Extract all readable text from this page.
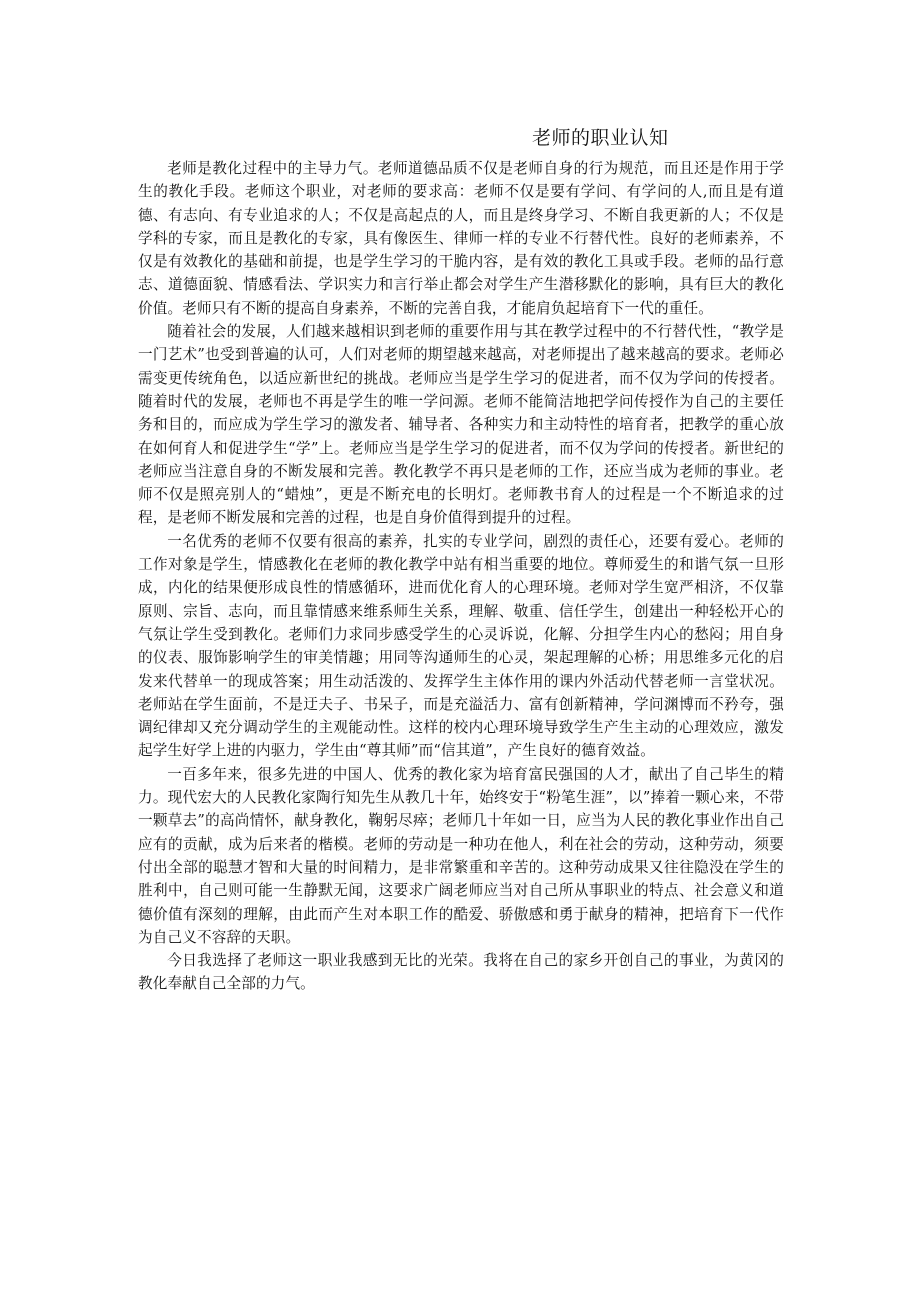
老师的职业认知

老师是教化过程中的主导力气。老师道德品质不仅是老师自身的行为规范，而且还是作用于学生的教化手段。老师这个职业，对老师的要求高：老师不仅是要有学问、有学问的人,而且是有道德、有志向、有专业追求的人；不仅是高起点的人，而且是终身学习、不断自我更新的人；不仅是学科的专家，而且是教化的专家，具有像医生、律师一样的专业不行替代性。良好的老师素养，不仅是有效教化的基础和前提，也是学生学习的干脆内容，是有效的教化工具或手段。老师的品行意志、道德面貌、情感看法、学识实力和言行举止都会对学生产生潜移默化的影响，具有巨大的教化价值。老师只有不断的提高自身素养，不断的完善自我，才能肩负起培育下一代的重任。

随着社会的发展，人们越来越相识到老师的重要作用与其在教学过程中的不行替代性，“教学是一门艺术”也受到普遍的认可，人们对老师的期望越来越高，对老师提出了越来越高的要求。老师必需变更传统角色，以适应新世纪的挑战。老师应当是学生学习的促进者，而不仅为学问的传授者。随着时代的发展，老师也不再是学生的唯一学问源。老师不能简洁地把学问传授作为自己的主要任务和目的，而应成为学生学习的激发者、辅导者、各种实力和主动特性的培育者，把教学的重心放在如何育人和促进学生“学”上。老师应当是学生学习的促进者，而不仅为学问的传授者。新世纪的老师应当注意自身的不断发展和完善。教化教学不再只是老师的工作，还应当成为老师的事业。老师不仅是照亮别人的“蜡烛”，更是不断充电的长明灯。老师教书育人的过程是一个不断追求的过程，是老师不断发展和完善的过程，也是自身价值得到提升的过程。

一名优秀的老师不仅要有很高的素养，扎实的专业学问，剧烈的责任心，还要有爱心。老师的工作对象是学生，情感教化在老师的教化教学中站有相当重要的地位。尊师爱生的和谐气氛一旦形成，内化的结果便形成良性的情感循环，进而优化育人的心理环境。老师对学生宽严相济，不仅靠原则、宗旨、志向，而且靠情感来维系师生关系，理解、敬重、信任学生，创建出一种轻松开心的气氛让学生受到教化。老师们力求同步感受学生的心灵诉说，化解、分担学生内心的愁闷；用自身的仪表、服饰影响学生的审美情趣；用同等沟通师生的心灵，架起理解的心桥；用思维多元化的启发来代替单一的现成答案；用生动活泼的、发挥学生主体作用的课内外活动代替老师一言堂状况。老师站在学生面前，不是迂夫子、书呆子，而是充溢活力、富有创新精神，学问渊博而不矜夸，强调纪律却又充分调动学生的主观能动性。这样的校内心理环境导致学生产生主动的心理效应，激发起学生好学上进的内驱力，学生由“尊其师”而“信其道”，产生良好的德育效益。

一百多年来，很多先进的中国人、优秀的教化家为培育富民强国的人才，献出了自己毕生的精力。现代宏大的人民教化家陶行知先生从教几十年，始终安于“粉笔生涯”，以”捧着一颗心来，不带一颗草去”的高尚情怀，献身教化，鞠躬尽瘁；老师几十年如一日，应当为人民的教化事业作出自己应有的贡献，成为后来者的楷模。老师的劳动是一种功在他人，利在社会的劳动，这种劳动，须要付出全部的聪慧才智和大量的时间精力，是非常繁重和辛苦的。这种劳动成果又往往隐没在学生的胜利中，自己则可能一生静默无闻，这要求广阔老师应当对自己所从事职业的特点、社会意义和道德价值有深刻的理解，由此而产生对本职工作的酷爱、骄傲感和勇于献身的精神，把培育下一代作为自己义不容辞的天职。

今日我选择了老师这一职业我感到无比的光荣。我将在自己的家乡开创自己的事业，为黄冈的教化奉献自己全部的力气。
